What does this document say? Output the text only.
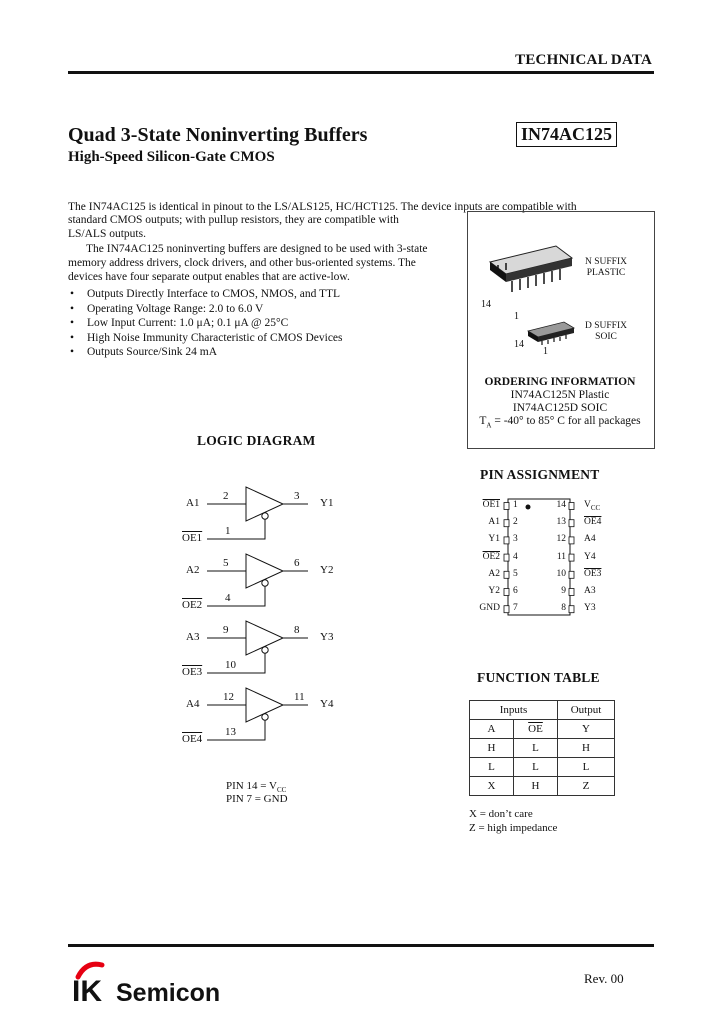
TECHNICAL DATA
Quad 3-State Noninverting Buffers
High-Speed Silicon-Gate CMOS
IN74AC125
The IN74AC125 is identical in pinout to the LS/ALS125, HC/HCT125. The device inputs are compatible with
standard CMOS outputs; with pullup resistors, they are compatible with
LS/ALS outputs.
The IN74AC125 noninverting buffers are designed to be used with 3-state
memory address drivers, clock drivers, and other bus-oriented systems. The
devices have four separate output enables that are active-low.
• Outputs Directly Interface to CMOS, NMOS, and TTL
• Operating Voltage Range: 2.0 to 6.0 V
• Low Input Current: 1.0 μA; 0.1 μA @ 25°C
• High Noise Immunity Characteristic of CMOS Devices
• Outputs Source/Sink 24 mA
14
1
N SUFFIX
PLASTIC
D SUFFIX
SOIC
14
1
ORDERING INFORMATION
IN74AC125N Plastic
IN74AC125D SOIC
$T_A = -40^\circ$ to 85° C for all packages
LOGIC DIAGRAM
A1
2	3
Y1
1
OE1
A2
5	6
Y2
4
OE2
A3
9	8
Y3
10
OE3
A4
12	11
Y4
13
OE4
PIN $14 = V_{CC}$
PIN 7 = GND
PIN ASSIGNMENT
OE1 1
A1 2
Y1 3
OE2 4
A2 5
Y2 6
GND 7
14 $V_{CC}$
13 OE4
12 A4
11 Y4
10 OE3
9 A3
8 Y3
FUNCTION TABLE
Inputs		Output
A	$\overline{OE}$	Y
H	L	H
L	L	L
X	H	Z
X = don’t care
Z = high impedance
IK Semicon
Rev. 00
